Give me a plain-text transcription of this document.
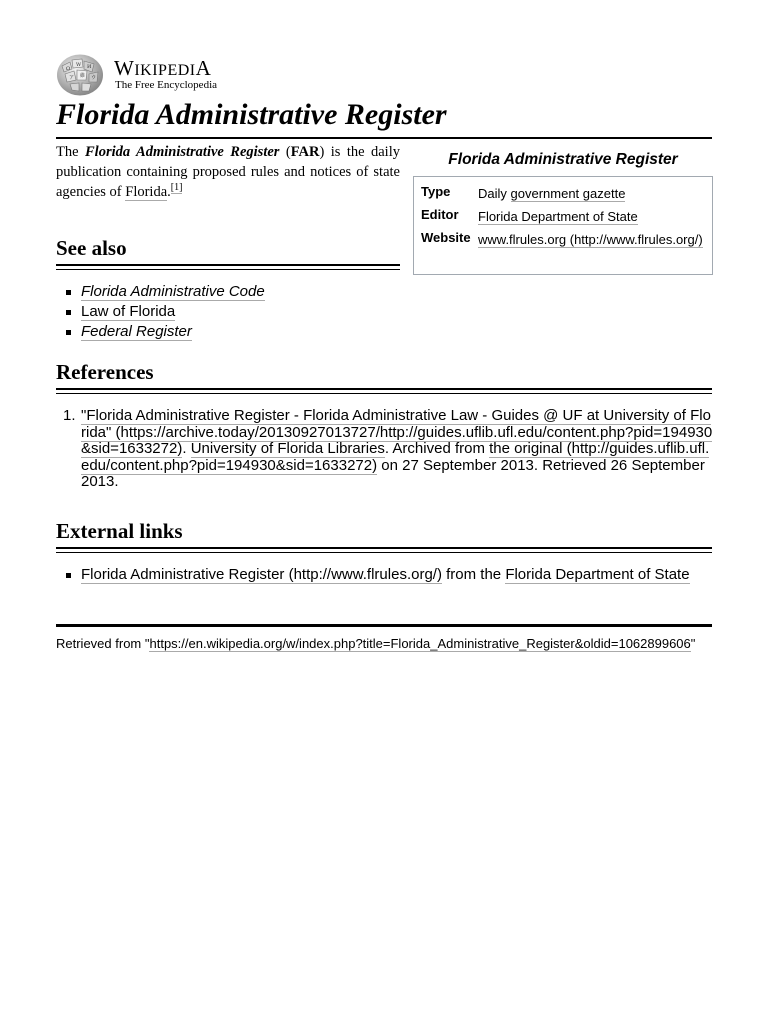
Ω
W И
ア 維 ウ WIKIPEDIA
The Free Encyclopedia
Florida Administrative Register

The Florida Administrative Register (FAR) is the daily publication containing proposed rules and notices of state agencies of Florida.[1]

Florida Administrative Register
Type Daily government gazette
Editor Florida Department of State
Website www.flrules.org (http://www.flrules.org/)
See also
Florida Administrative Code
Law of Florida
Federal Register
References
1. "Florida Administrative Register - Florida Administrative Law - Guides @ UF at University of Florida" (https://archive.today/20130927013727/http://guides.uflib.ufl.edu/content.php?pid=194930&sid=1633272). University of Florida Libraries. Archived from the original (http://guides.uflib.ufl.edu/content.php?pid=194930&sid=1633272) on 27 September 2013. Retrieved 26 September 2013.
External links
Florida Administrative Register (http://www.flrules.org/) from the Florida Department of State
Retrieved from "https://en.wikipedia.org/w/index.php?title=Florida_Administrative_Register&oldid=1062899606"
